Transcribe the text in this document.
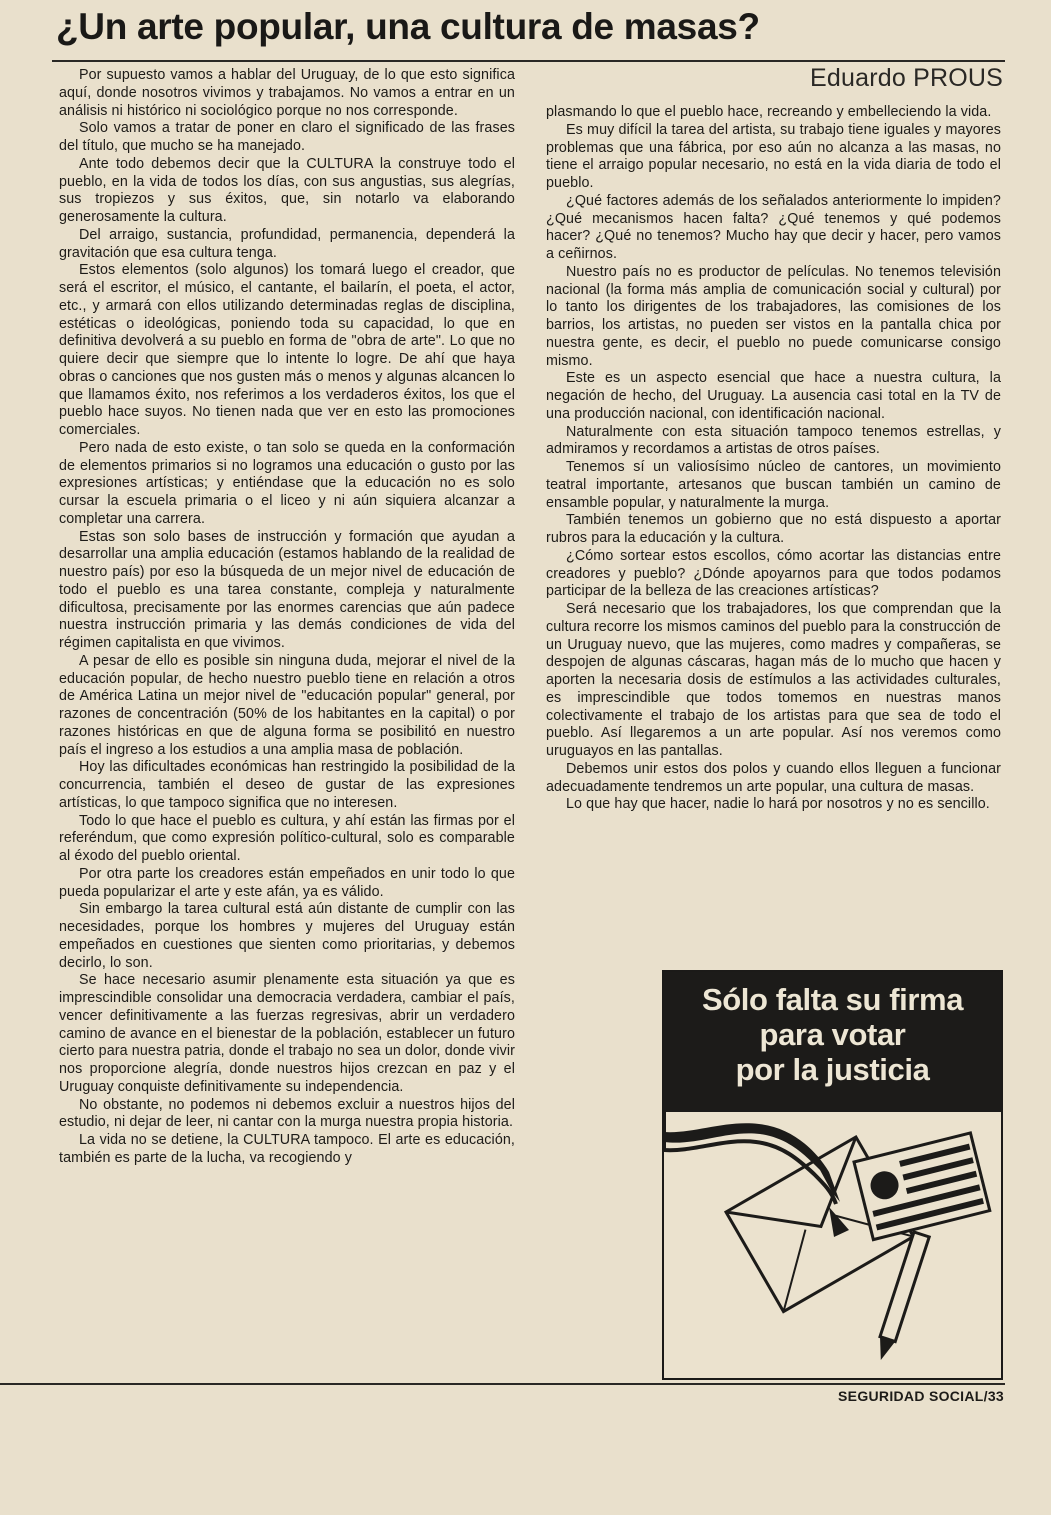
¿Un arte popular, una cultura de masas?
Eduardo PROUS

Por supuesto vamos a hablar del Uruguay, de lo que esto significa aquí, donde nosotros vivimos y trabajamos. No vamos a entrar en un análisis ni histórico ni sociológico porque no nos corresponde.

Solo vamos a tratar de poner en claro el significado de las frases del título, que mucho se ha manejado.

Ante todo debemos decir que la CULTURA la construye todo el pueblo, en la vida de todos los días, con sus angustias, sus alegrías, sus tropiezos y sus éxitos, que, sin notarlo va elaborando generosamente la cultura.

Del arraigo, sustancia, profundidad, permanencia, dependerá la gravitación que esa cultura tenga.

Estos elementos (solo algunos) los tomará luego el creador, que será el escritor, el músico, el cantante, el bailarín, el poeta, el actor, etc., y armará con ellos utilizando determinadas reglas de disciplina, estéticas o ideológicas, poniendo toda su capacidad, lo que en definitiva devolverá a su pueblo en forma de "obra de arte". Lo que no quiere decir que siempre que lo intente lo logre. De ahí que haya obras o canciones que nos gusten más o menos y algunas alcancen lo que llamamos éxito, nos referimos a los verdaderos éxitos, los que el pueblo hace suyos. No tienen nada que ver en esto las promociones comerciales.

Pero nada de esto existe, o tan solo se queda en la conformación de elementos primarios si no logramos una educación o gusto por las expresiones artísticas; y entiéndase que la educación no es solo cursar la escuela primaria o el liceo y ni aún siquiera alcanzar a completar una carrera.

Estas son solo bases de instrucción y formación que ayudan a desarrollar una amplia educación (estamos hablando de la realidad de nuestro país) por eso la búsqueda de un mejor nivel de educación de todo el pueblo es una tarea constante, compleja y naturalmente dificultosa, precisamente por las enormes carencias que aún padece nuestra instrucción primaria y las demás condiciones de vida del régimen capitalista en que vivimos.

A pesar de ello es posible sin ninguna duda, mejorar el nivel de la educación popular, de hecho nuestro pueblo tiene en relación a otros de América Latina un mejor nivel de "educación popular" general, por razones de concentración (50% de los habitantes en la capital) o por razones históricas en que de alguna forma se posibilitó en nuestro país el ingreso a los estudios a una amplia masa de población.

Hoy las dificultades económicas han restringido la posibilidad de la concurrencia, también el deseo de gustar de las expresiones artísticas, lo que tampoco significa que no interesen.

Todo lo que hace el pueblo es cultura, y ahí están las firmas por el referéndum, que como expresión político-cultural, solo es comparable al éxodo del pueblo oriental.

Por otra parte los creadores están empeñados en unir todo lo que pueda popularizar el arte y este afán, ya es válido.

Sin embargo la tarea cultural está aún distante de cumplir con las necesidades, porque los hombres y mujeres del Uruguay están empeñados en cuestiones que sienten como prioritarias, y debemos decirlo, lo son.

Se hace necesario asumir plenamente esta situación ya que es imprescindible consolidar una democracia verdadera, cambiar el país, vencer definitivamente a las fuerzas regresivas, abrir un verdadero camino de avance en el bienestar de la población, establecer un futuro cierto para nuestra patria, donde el trabajo no sea un dolor, donde vivir nos proporcione alegría, donde nuestros hijos crezcan en paz y el Uruguay conquiste definitivamente su independencia.

No obstante, no podemos ni debemos excluir a nuestros hijos del estudio, ni dejar de leer, ni cantar con la murga nuestra propia historia.

La vida no se detiene, la CULTURA tampoco. El arte es educación, también es parte de la lucha, va recogiendo y

plasmando lo que el pueblo hace, recreando y embelleciendo la vida.

Es muy difícil la tarea del artista, su trabajo tiene iguales y mayores problemas que una fábrica, por eso aún no alcanza a las masas, no tiene el arraigo popular necesario, no está en la vida diaria de todo el pueblo.

¿Qué factores además de los señalados anteriormente lo impiden? ¿Qué mecanismos hacen falta? ¿Qué tenemos y qué podemos hacer? ¿Qué no tenemos? Mucho hay que decir y hacer, pero vamos a ceñirnos.

Nuestro país no es productor de películas. No tenemos televisión nacional (la forma más amplia de comunicación social y cultural) por lo tanto los dirigentes de los trabajadores, las comisiones de los barrios, los artistas, no pueden ser vistos en la pantalla chica por nuestra gente, es decir, el pueblo no puede comunicarse consigo mismo.

Este es un aspecto esencial que hace a nuestra cultura, la negación de hecho, del Uruguay. La ausencia casi total en la TV de una producción nacional, con identificación nacional.

Naturalmente con esta situación tampoco tenemos estrellas, y admiramos y recordamos a artistas de otros países.

Tenemos sí un valiosísimo núcleo de cantores, un movimiento teatral importante, artesanos que buscan también un camino de ensamble popular, y naturalmente la murga.

También tenemos un gobierno que no está dispuesto a aportar rubros para la educación y la cultura.

¿Cómo sortear estos escollos, cómo acortar las distancias entre creadores y pueblo? ¿Dónde apoyarnos para que todos podamos participar de la belleza de las creaciones artísticas?

Será necesario que los trabajadores, los que comprendan que la cultura recorre los mismos caminos del pueblo para la construcción de un Uruguay nuevo, que las mujeres, como madres y compañeras, se despojen de algunas cáscaras, hagan más de lo mucho que hacen y aporten la necesaria dosis de estímulos a las actividades culturales, es imprescindible que todos tomemos en nuestras manos colectivamente el trabajo de los artistas para que sea de todo el pueblo. Así llegaremos a un arte popular. Así nos veremos como uruguayos en las pantallas.

Debemos unir estos dos polos y cuando ellos lleguen a funcionar adecuadamente tendremos un arte popular, una cultura de masas.

Lo que hay que hacer, nadie lo hará por nosotros y no es sencillo.

Sólo falta su firma
para votar
por la justicia
SEGURIDAD SOCIAL/33
